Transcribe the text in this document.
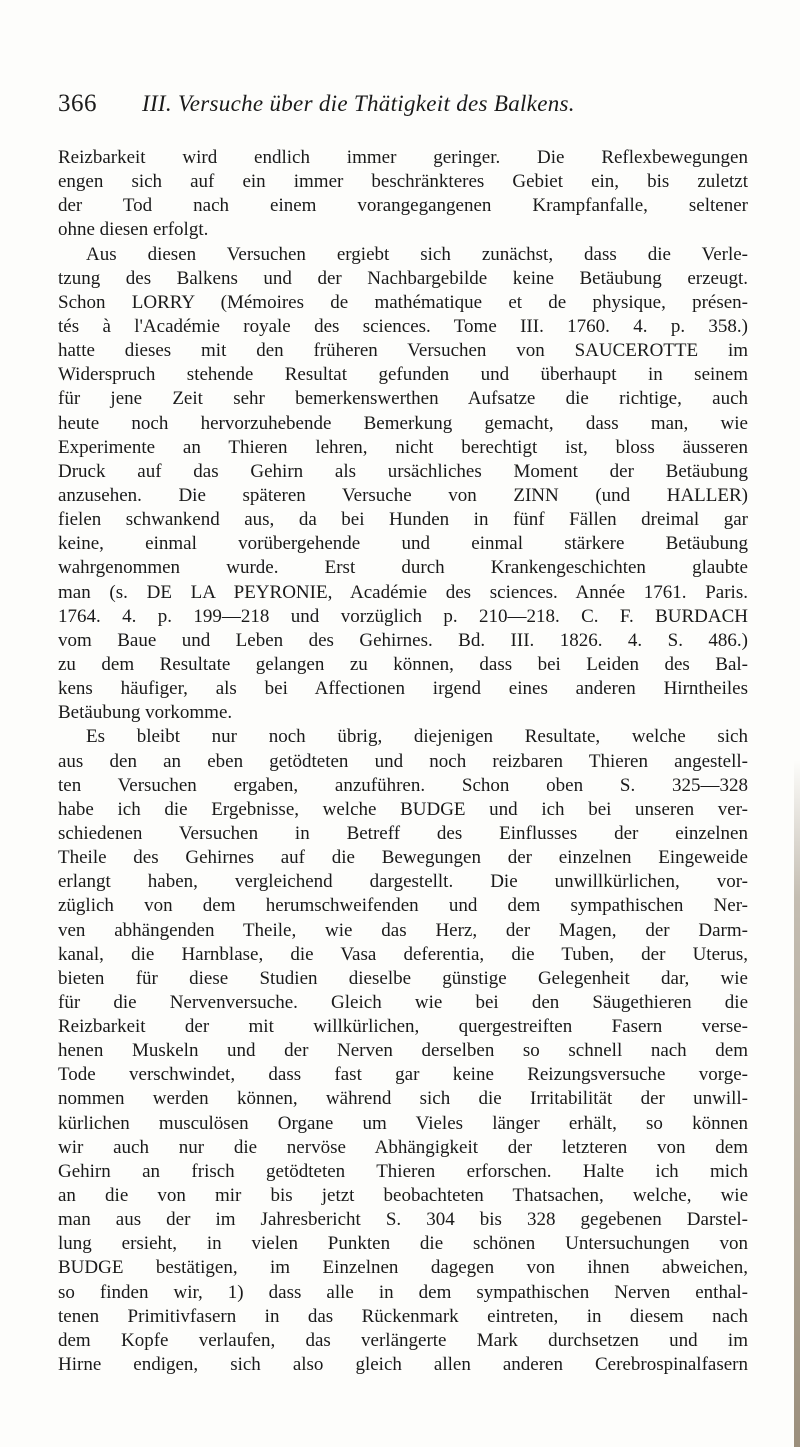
366 III. Versuche über die Thätigkeit des Balkens.
Reizbarkeit wird endlich immer geringer. Die Reflexbewegungen
engen sich auf ein immer beschränkteres Gebiet ein, bis zuletzt
der Tod nach einem vorangegangenen Krampfanfalle, seltener
ohne diesen erfolgt.
Aus diesen Versuchen ergiebt sich zunächst, dass die Verle-
tzung des Balkens und der Nachbargebilde keine Betäubung erzeugt.
Schon LORRY (Mémoires de mathématique et de physique, présen-
tés à l'Académie royale des sciences. Tome III. 1760. 4. p. 358.)
hatte dieses mit den früheren Versuchen von SAUCEROTTE im
Widerspruch stehende Resultat gefunden und überhaupt in seinem
für jene Zeit sehr bemerkenswerthen Aufsatze die richtige, auch
heute noch hervorzuhebende Bemerkung gemacht, dass man, wie
Experimente an Thieren lehren, nicht berechtigt ist, bloss äusseren
Druck auf das Gehirn als ursächliches Moment der Betäubung
anzusehen. Die späteren Versuche von ZINN (und HALLER)
fielen schwankend aus, da bei Hunden in fünf Fällen dreimal gar
keine, einmal vorübergehende und einmal stärkere Betäubung
wahrgenommen wurde. Erst durch Krankengeschichten glaubte
man (s. DE LA PEYRONIE, Académie des sciences. Année 1761. Paris.
1764. 4. p. 199—218 und vorzüglich p. 210—218. C. F. BURDACH
vom Baue und Leben des Gehirnes. Bd. III. 1826. 4. S. 486.)
zu dem Resultate gelangen zu können, dass bei Leiden des Bal-
kens häufiger, als bei Affectionen irgend eines anderen Hirntheiles
Betäubung vorkomme.
Es bleibt nur noch übrig, diejenigen Resultate, welche sich
aus den an eben getödteten und noch reizbaren Thieren angestell-
ten Versuchen ergaben, anzuführen. Schon oben S. 325—328
habe ich die Ergebnisse, welche BUDGE und ich bei unseren ver-
schiedenen Versuchen in Betreff des Einflusses der einzelnen
Theile des Gehirnes auf die Bewegungen der einzelnen Eingeweide
erlangt haben, vergleichend dargestellt. Die unwillkürlichen, vor-
züglich von dem herumschweifenden und dem sympathischen Ner-
ven abhängenden Theile, wie das Herz, der Magen, der Darm-
kanal, die Harnblase, die Vasa deferentia, die Tuben, der Uterus,
bieten für diese Studien dieselbe günstige Gelegenheit dar, wie
für die Nervenversuche. Gleich wie bei den Säugethieren die
Reizbarkeit der mit willkürlichen, quergestreiften Fasern verse-
henen Muskeln und der Nerven derselben so schnell nach dem
Tode verschwindet, dass fast gar keine Reizungsversuche vorge-
nommen werden können, während sich die Irritabilität der unwill-
kürlichen musculösen Organe um Vieles länger erhält, so können
wir auch nur die nervöse Abhängigkeit der letzteren von dem
Gehirn an frisch getödteten Thieren erforschen. Halte ich mich
an die von mir bis jetzt beobachteten Thatsachen, welche, wie
man aus der im Jahresbericht S. 304 bis 328 gegebenen Darstel-
lung ersieht, in vielen Punkten die schönen Untersuchungen von
BUDGE bestätigen, im Einzelnen dagegen von ihnen abweichen,
so finden wir, 1) dass alle in dem sympathischen Nerven enthal-
tenen Primitivfasern in das Rückenmark eintreten, in diesem nach
dem Kopfe verlaufen, das verlängerte Mark durchsetzen und im
Hirne endigen, sich also gleich allen anderen Cerebrospinalfasern
